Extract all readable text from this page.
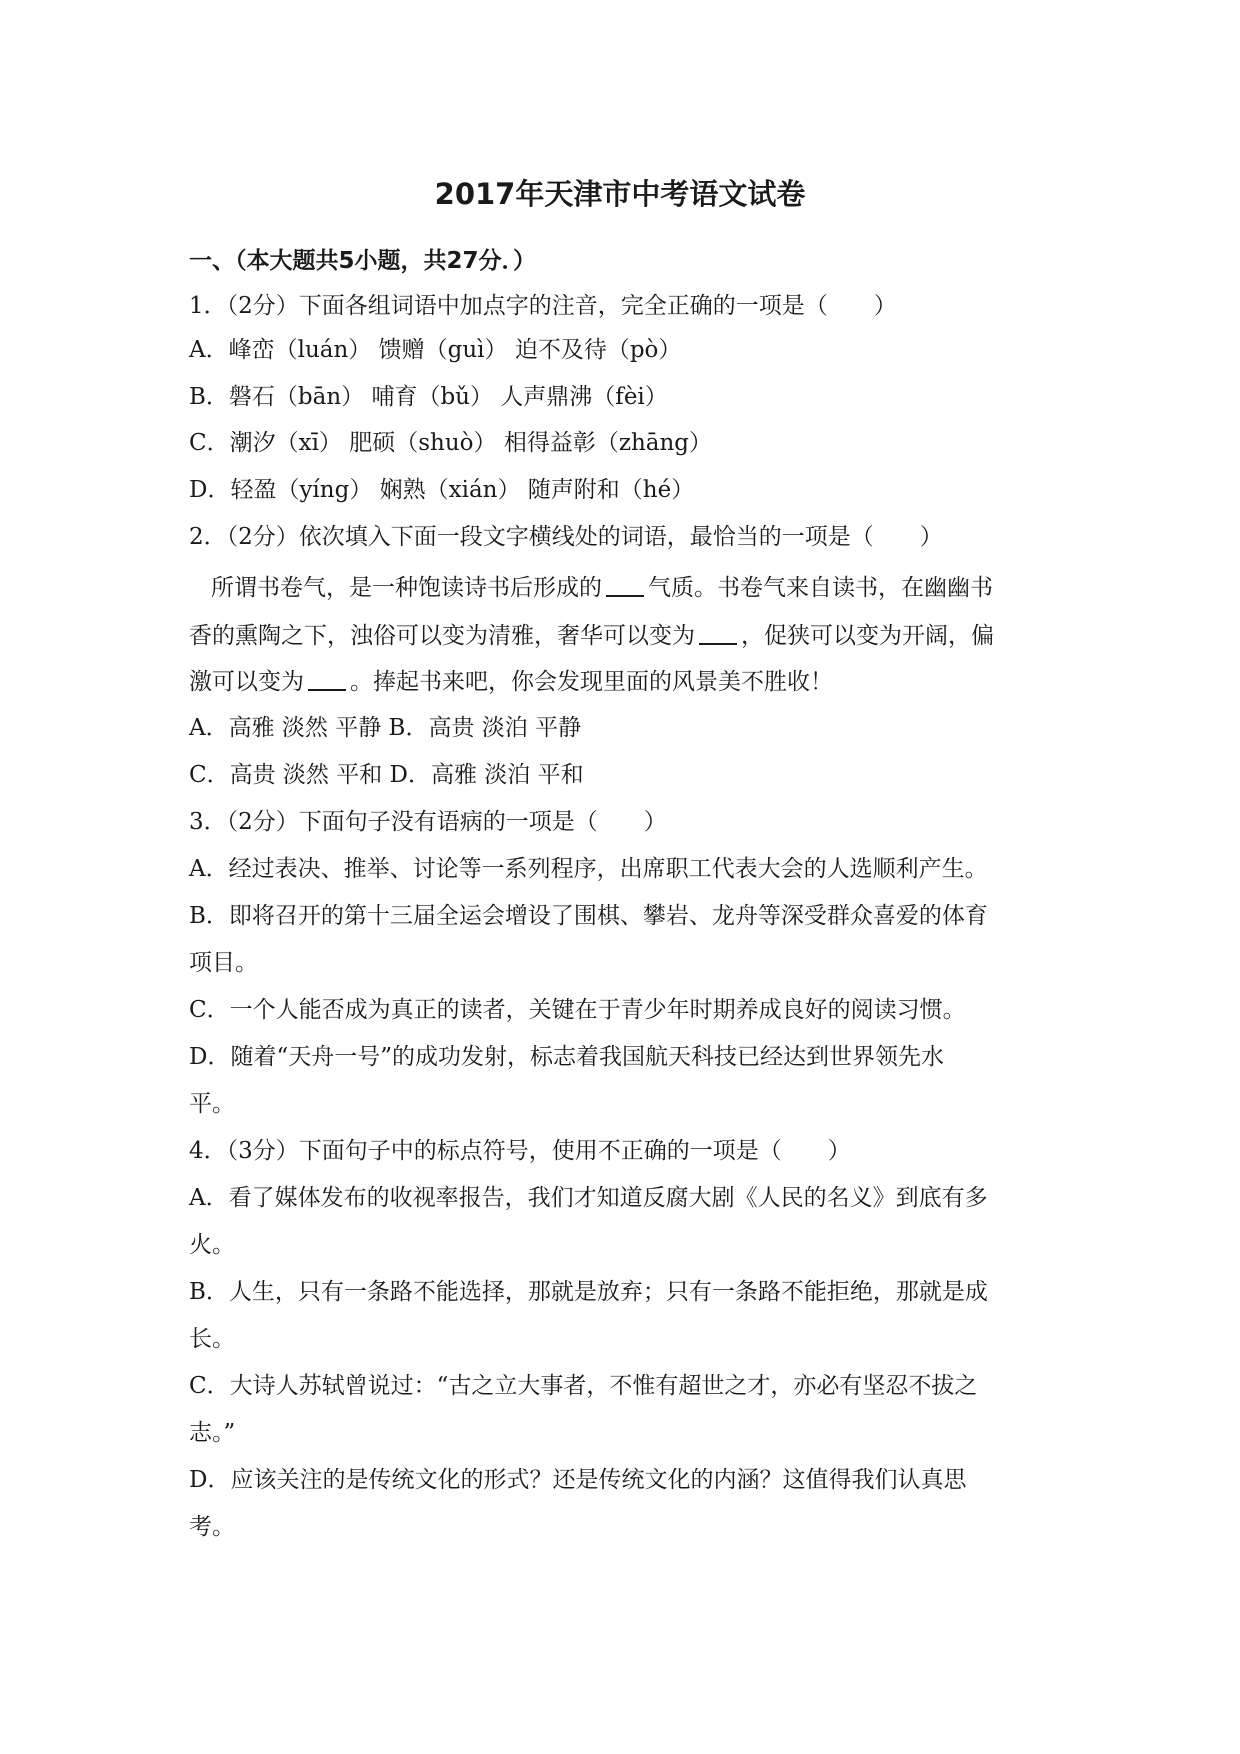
2017年天津市中考语文试卷
一、（本大题共5小题，共27分．）
1．（2分）下面各组词语中加点字的注音，完全正确的一项是（　　）
A．峰峦（luán） 馈赠（guì） 迫不及待（pò）
B．磐石（bān） 哺育（bǔ） 人声鼎沸（fèi）
C．潮汐（xī） 肥硕（shuò） 相得益彰（zhāng）
D．轻盈（yíng） 娴熟（xián） 随声附和（hé）
2．（2分）依次填入下面一段文字横线处的词语，最恰当的一项是（　　）
所谓书卷气，是一种饱读诗书后形成的 气质。书卷气来自读书，在幽幽书
香的熏陶之下，浊俗可以变为清雅，奢华可以变为 ，促狭可以变为开阔，偏
激可以变为 。捧起书来吧，你会发现里面的风景美不胜收！
A．高雅 淡然 平静 B．高贵 淡泊 平静
C．高贵 淡然 平和 D．高雅 淡泊 平和
3．（2分）下面句子没有语病的一项是（　　）
A．经过表决、推举、讨论等一系列程序，出席职工代表大会的人选顺利产生。
B．即将召开的第十三届全运会增设了围棋、攀岩、龙舟等深受群众喜爱的体育
项目。
C．一个人能否成为真正的读者，关键在于青少年时期养成良好的阅读习惯。
D．随着“天舟一号”的成功发射，标志着我国航天科技已经达到世界领先水
平。
4．（3分）下面句子中的标点符号，使用不正确的一项是（　　）
A．看了媒体发布的收视率报告，我们才知道反腐大剧《人民的名义》到底有多
火。
B．人生，只有一条路不能选择，那就是放弃；只有一条路不能拒绝，那就是成
长。
C．大诗人苏轼曾说过：“古之立大事者，不惟有超世之才，亦必有坚忍不拔之
志。”
D．应该关注的是传统文化的形式？还是传统文化的内涵？这值得我们认真思
考。
